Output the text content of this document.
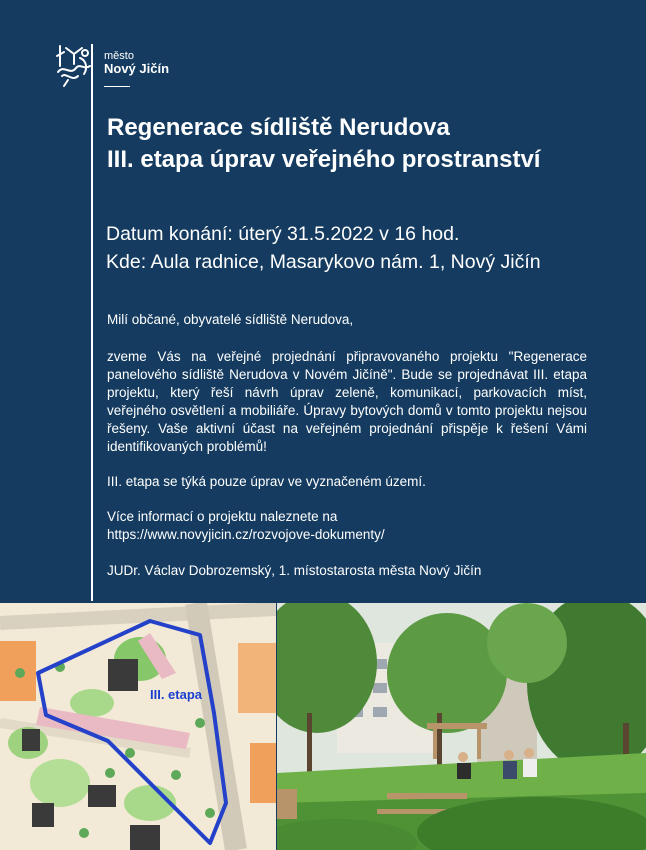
město
Nový Jičín
Regenerace sídliště Nerudova
III. etapa úprav veřejného prostranství
Datum konání: úterý 31.5.2022 v 16 hod.
Kde: Aula radnice, Masarykovo nám. 1, Nový Jičín

Milí občané, obyvatelé sídliště Nerudova,

zveme Vás na veřejné projednání připravovaného projektu "Regenerace panelového sídliště Nerudova v Novém Jičíně". Bude se projednávat III. etapa projektu, který řeší návrh úprav zeleně, komunikací, parkovacích míst, veřejného osvětlení a mobiliáře. Úpravy bytových domů v tomto projektu nejsou řešeny. Vaše aktivní účast na veřejném projednání přispěje k řešení Vámi identifikovaných problémů!

III. etapa se týká pouze úprav ve vyznačeném území.

Více informací o projektu naleznete na
https://www.novyjicin.cz/rozvojove-dokumenty/

JUDr. Václav Dobrozemský, 1. místostarosta města Nový Jičín

III. etapa
